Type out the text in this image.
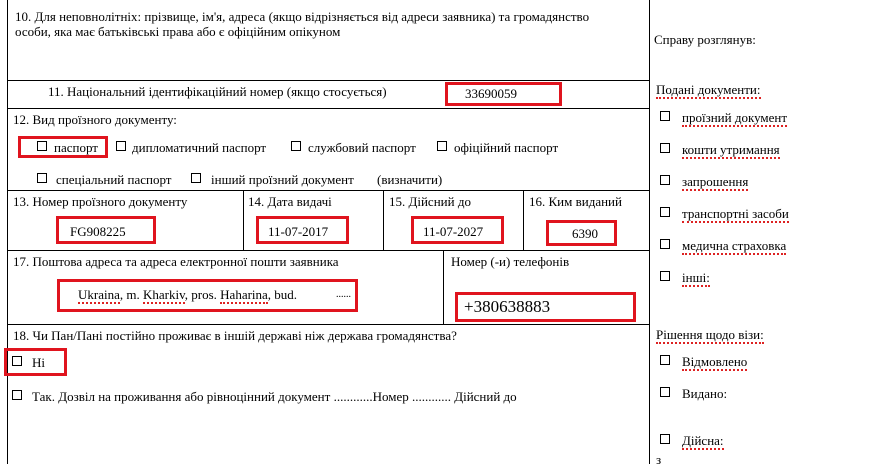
10. Для неповнолітніх: прізвище, ім'я, адреса (якщо відрізняється від адреси заявника) та громадянство
особи, яка має батьківські права або є офіційним опікуном
11. Національний ідентифікаційний номер (якщо стосується)	33690059
12. Вид проїзного документу:
паспорт	дипломатичний паспорт	службовий паспорт	офіційний паспорт
спеціальний паспорт	інший проїзний документ (визначити)
13. Номер проїзного документу
FG908225
14. Дата видачі
11-07-2017
15. Дійсний до
11-07-2027
16. Ким виданий
6390
17. Поштова адреса та адреса електронної пошти заявника
Ukraina, m. Kharkiv, pros. Haharina, bud.	......
Номер (-и) телефонів
+380638883
18. Чи Пан/Пані постійно проживає в іншій державі ніж держава громадянства?
Ні
Так. Дозвіл на проживання або рівноцінний документ ............Номер ............ Дійсний до
Справу розглянув:
Подані документи:
проїзний документ
кошти утримання
запрошення
транспортні засоби
медична страховка
інші:
Рішення щодо візи:
Відмовлено
Видано:
Дійсна:
з
